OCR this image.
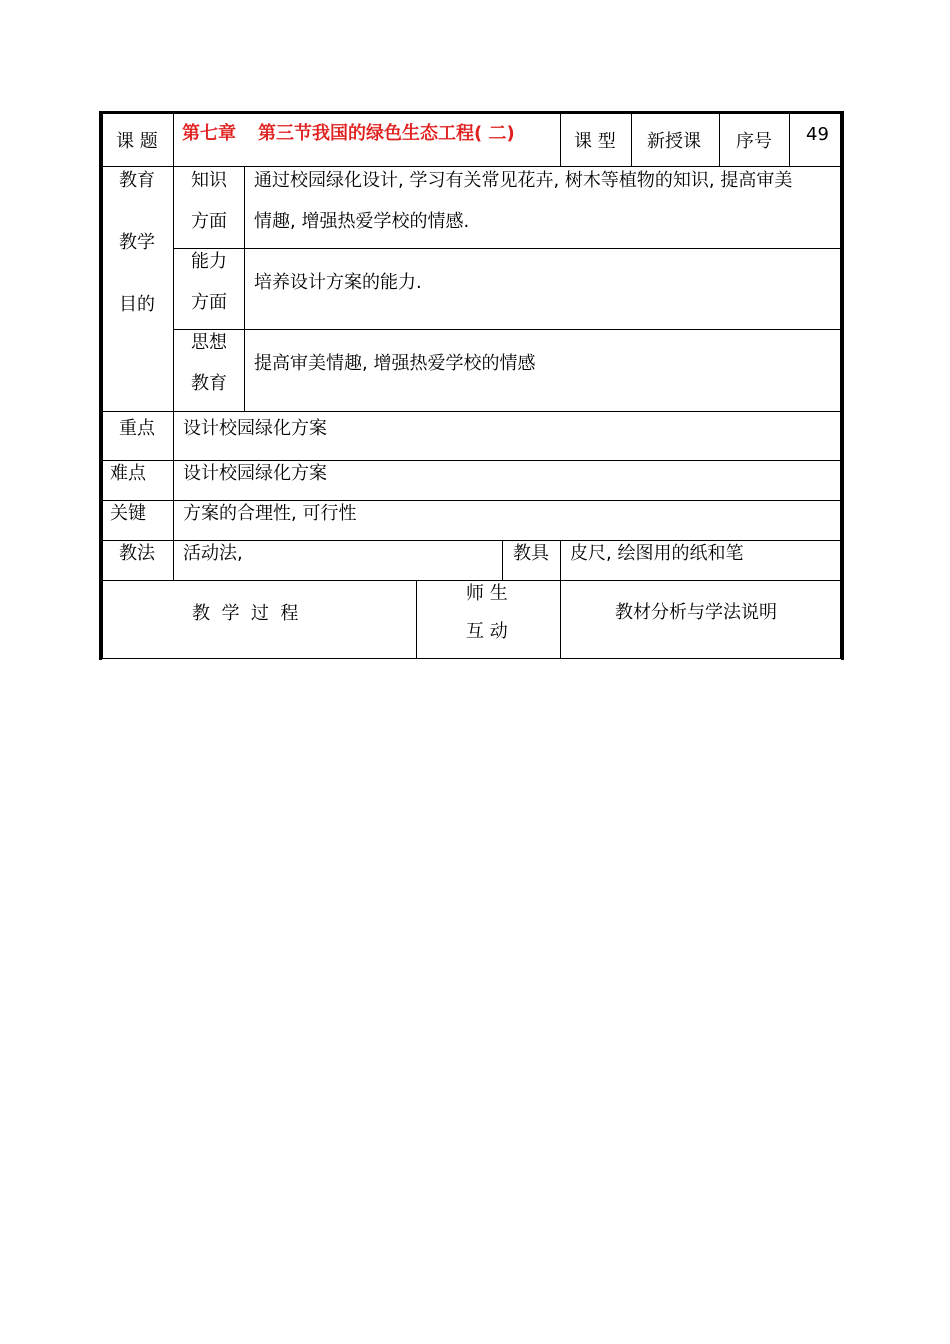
课 题 第七章 第三节我国的绿色生态工程( 二)	课 型 新授课 序号 49
教育
教学
目的
知识
方面
通过校园绿化设计, 学习有关常见花卉, 树木等植物的知识, 提高审美
情趣, 增强热爱学校的情感.
能力
方面
培养设计方案的能力.
思想
教育
提高审美情趣, 增强热爱学校的情感
重点 设计校园绿化方案
难点 设计校园绿化方案
关键 方案的合理性, 可行性
教法 活动法,	教具 皮尺, 绘图用的纸和笔
教  学  过  程
师 生
互 动
教材分析与学法说明
